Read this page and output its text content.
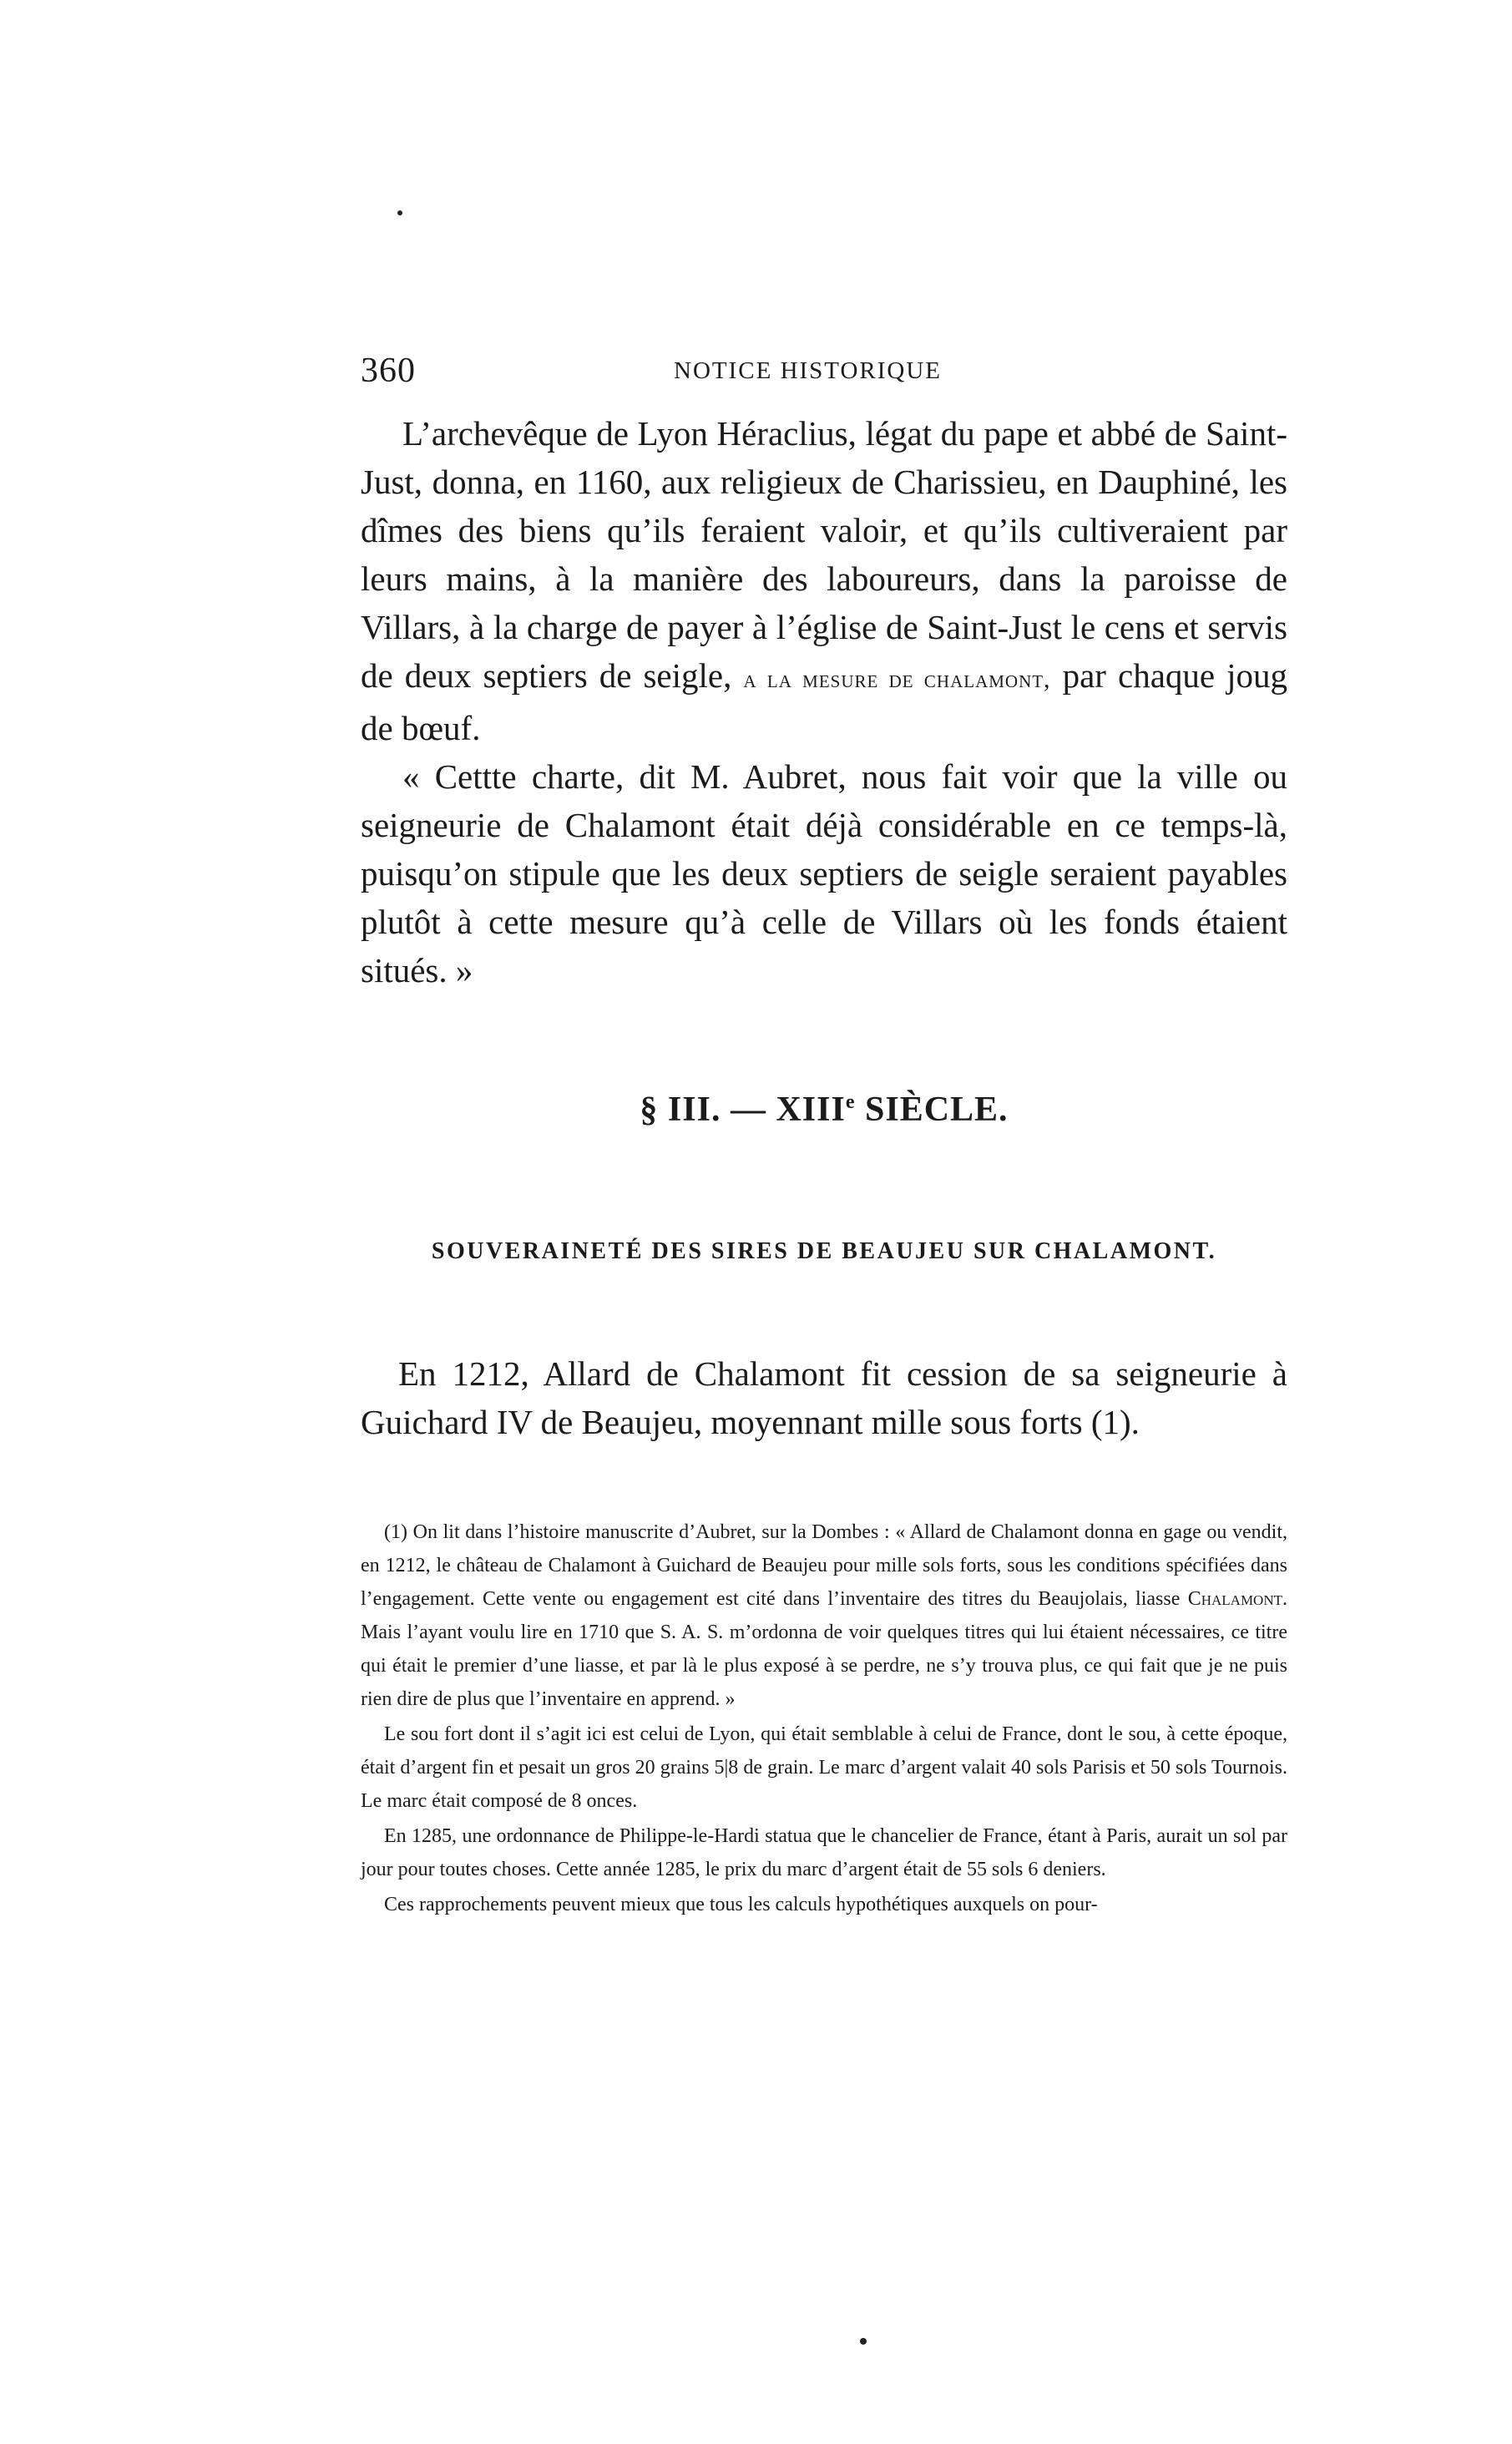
360	NOTICE HISTORIQUE

L’archevêque de Lyon Héraclius, légat du pape et abbé de Saint-Just, donna, en 1160, aux religieux de Charissieu, en Dauphiné, les dîmes des biens qu’ils feraient valoir, et qu’ils cultiveraient par leurs mains, à la manière des laboureurs, dans la paroisse de Villars, à la charge de payer à l’église de Saint-Just le cens et servis de deux septiers de seigle, a la mesure de chalamont, par chaque joug de bœuf.

« Cettte charte, dit M. Aubret, nous fait voir que la ville ou seigneurie de Chalamont était déjà considérable en ce temps-là, puisqu’on stipule que les deux septiers de seigle seraient payables plutôt à cette mesure qu’à celle de Villars où les fonds étaient situés. »

§ III. — XIIIe SIÈCLE.
SOUVERAINETÉ DES SIRES DE BEAUJEU SUR CHALAMONT.

En 1212, Allard de Chalamont fit cession de sa seigneurie à Guichard IV de Beaujeu, moyennant mille sous forts (1).

(1) On lit dans l’histoire manuscrite d’Aubret, sur la Dombes : « Allard de Chalamont donna en gage ou vendit, en 1212, le château de Chalamont à Guichard de Beaujeu pour mille sols forts, sous les conditions spécifiées dans l’engagement. Cette vente ou engagement est cité dans l’inventaire des titres du Beaujolais, liasse Chalamont. Mais l’ayant voulu lire en 1710 que S. A. S. m’ordonna de voir quelques titres qui lui étaient nécessaires, ce titre qui était le premier d’une liasse, et par là le plus exposé à se perdre, ne s’y trouva plus, ce qui fait que je ne puis rien dire de plus que l’inventaire en apprend. »

Le sou fort dont il s’agit ici est celui de Lyon, qui était semblable à celui de France, dont le sou, à cette époque, était d’argent fin et pesait un gros 20 grains 5|8 de grain. Le marc d’argent valait 40 sols Parisis et 50 sols Tournois. Le marc était composé de 8 onces.

En 1285, une ordonnance de Philippe-le-Hardi statua que le chancelier de France, étant à Paris, aurait un sol par jour pour toutes choses. Cette année 1285, le prix du marc d’argent était de 55 sols 6 deniers.

Ces rapprochements peuvent mieux que tous les calculs hypothétiques auxquels on pour-
